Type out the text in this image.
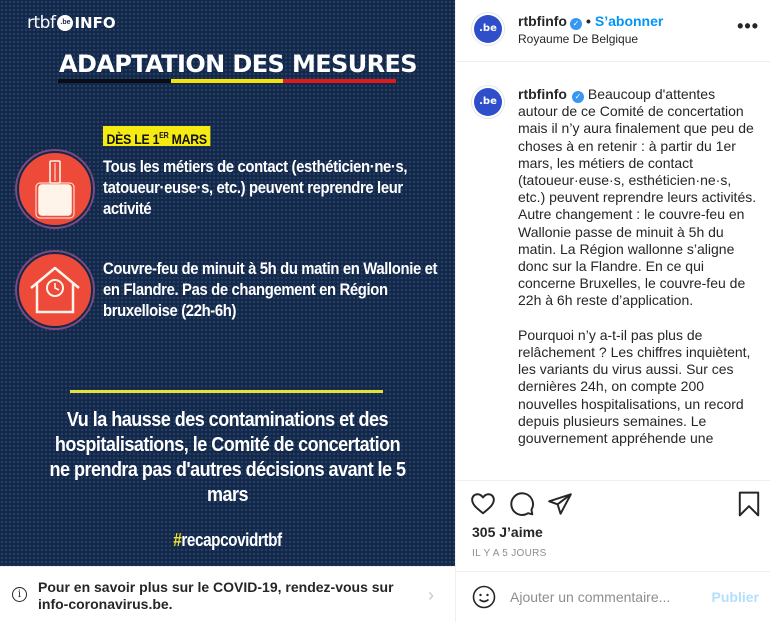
rtbf .be INFO
ADAPTATION DES MESURES
DÈS LE 1ER MARS
Tous les métiers de contact (esthéticien·ne·s, tatoueur·euse·s, etc.) peuvent reprendre leur activité
Couvre-feu de minuit à 5h du matin en Wallonie et en Flandre. Pas de changement en Région bruxelloise (22h-6h)
Vu la hausse des contaminations et des hospitalisations, le Comité de concertation ne prendra pas d'autres décisions avant le 5 mars
#recapcovidrtbf
i	Pour en savoir plus sur le COVID-19, rendez-vous sur info-coronavirus.be.	›
.be	rtbfinfo ✓ • S’abonner
Royaume De Belgique
•••
.be	rtbfinfo ✓ Beaucoup d'attentes autour de ce Comité de concertation mais il n’y aura finalement que peu de choses à en retenir : à partir du 1er mars, les métiers de contact (tatoueur·euse·s, esthéticien·ne·s, etc.) peuvent reprendre leurs activités. Autre changement : le couvre-feu en Wallonie passe de minuit à 5h du matin. La Région wallonne s’aligne donc sur la Flandre. En ce qui concerne Bruxelles, le couvre-feu de 22h à 6h reste d’application.

Pourquoi n’y a-t-il pas plus de relâchement ? Les chiffres inquiètent, les variants du virus aussi. Sur ces dernières 24h, on compte 200 nouvelles hospitalisations, un record depuis plusieurs semaines. Le gouvernement appréhende une

305 J’aime
IL Y A 5 JOURS
Ajouter un commentaire...
Publier
